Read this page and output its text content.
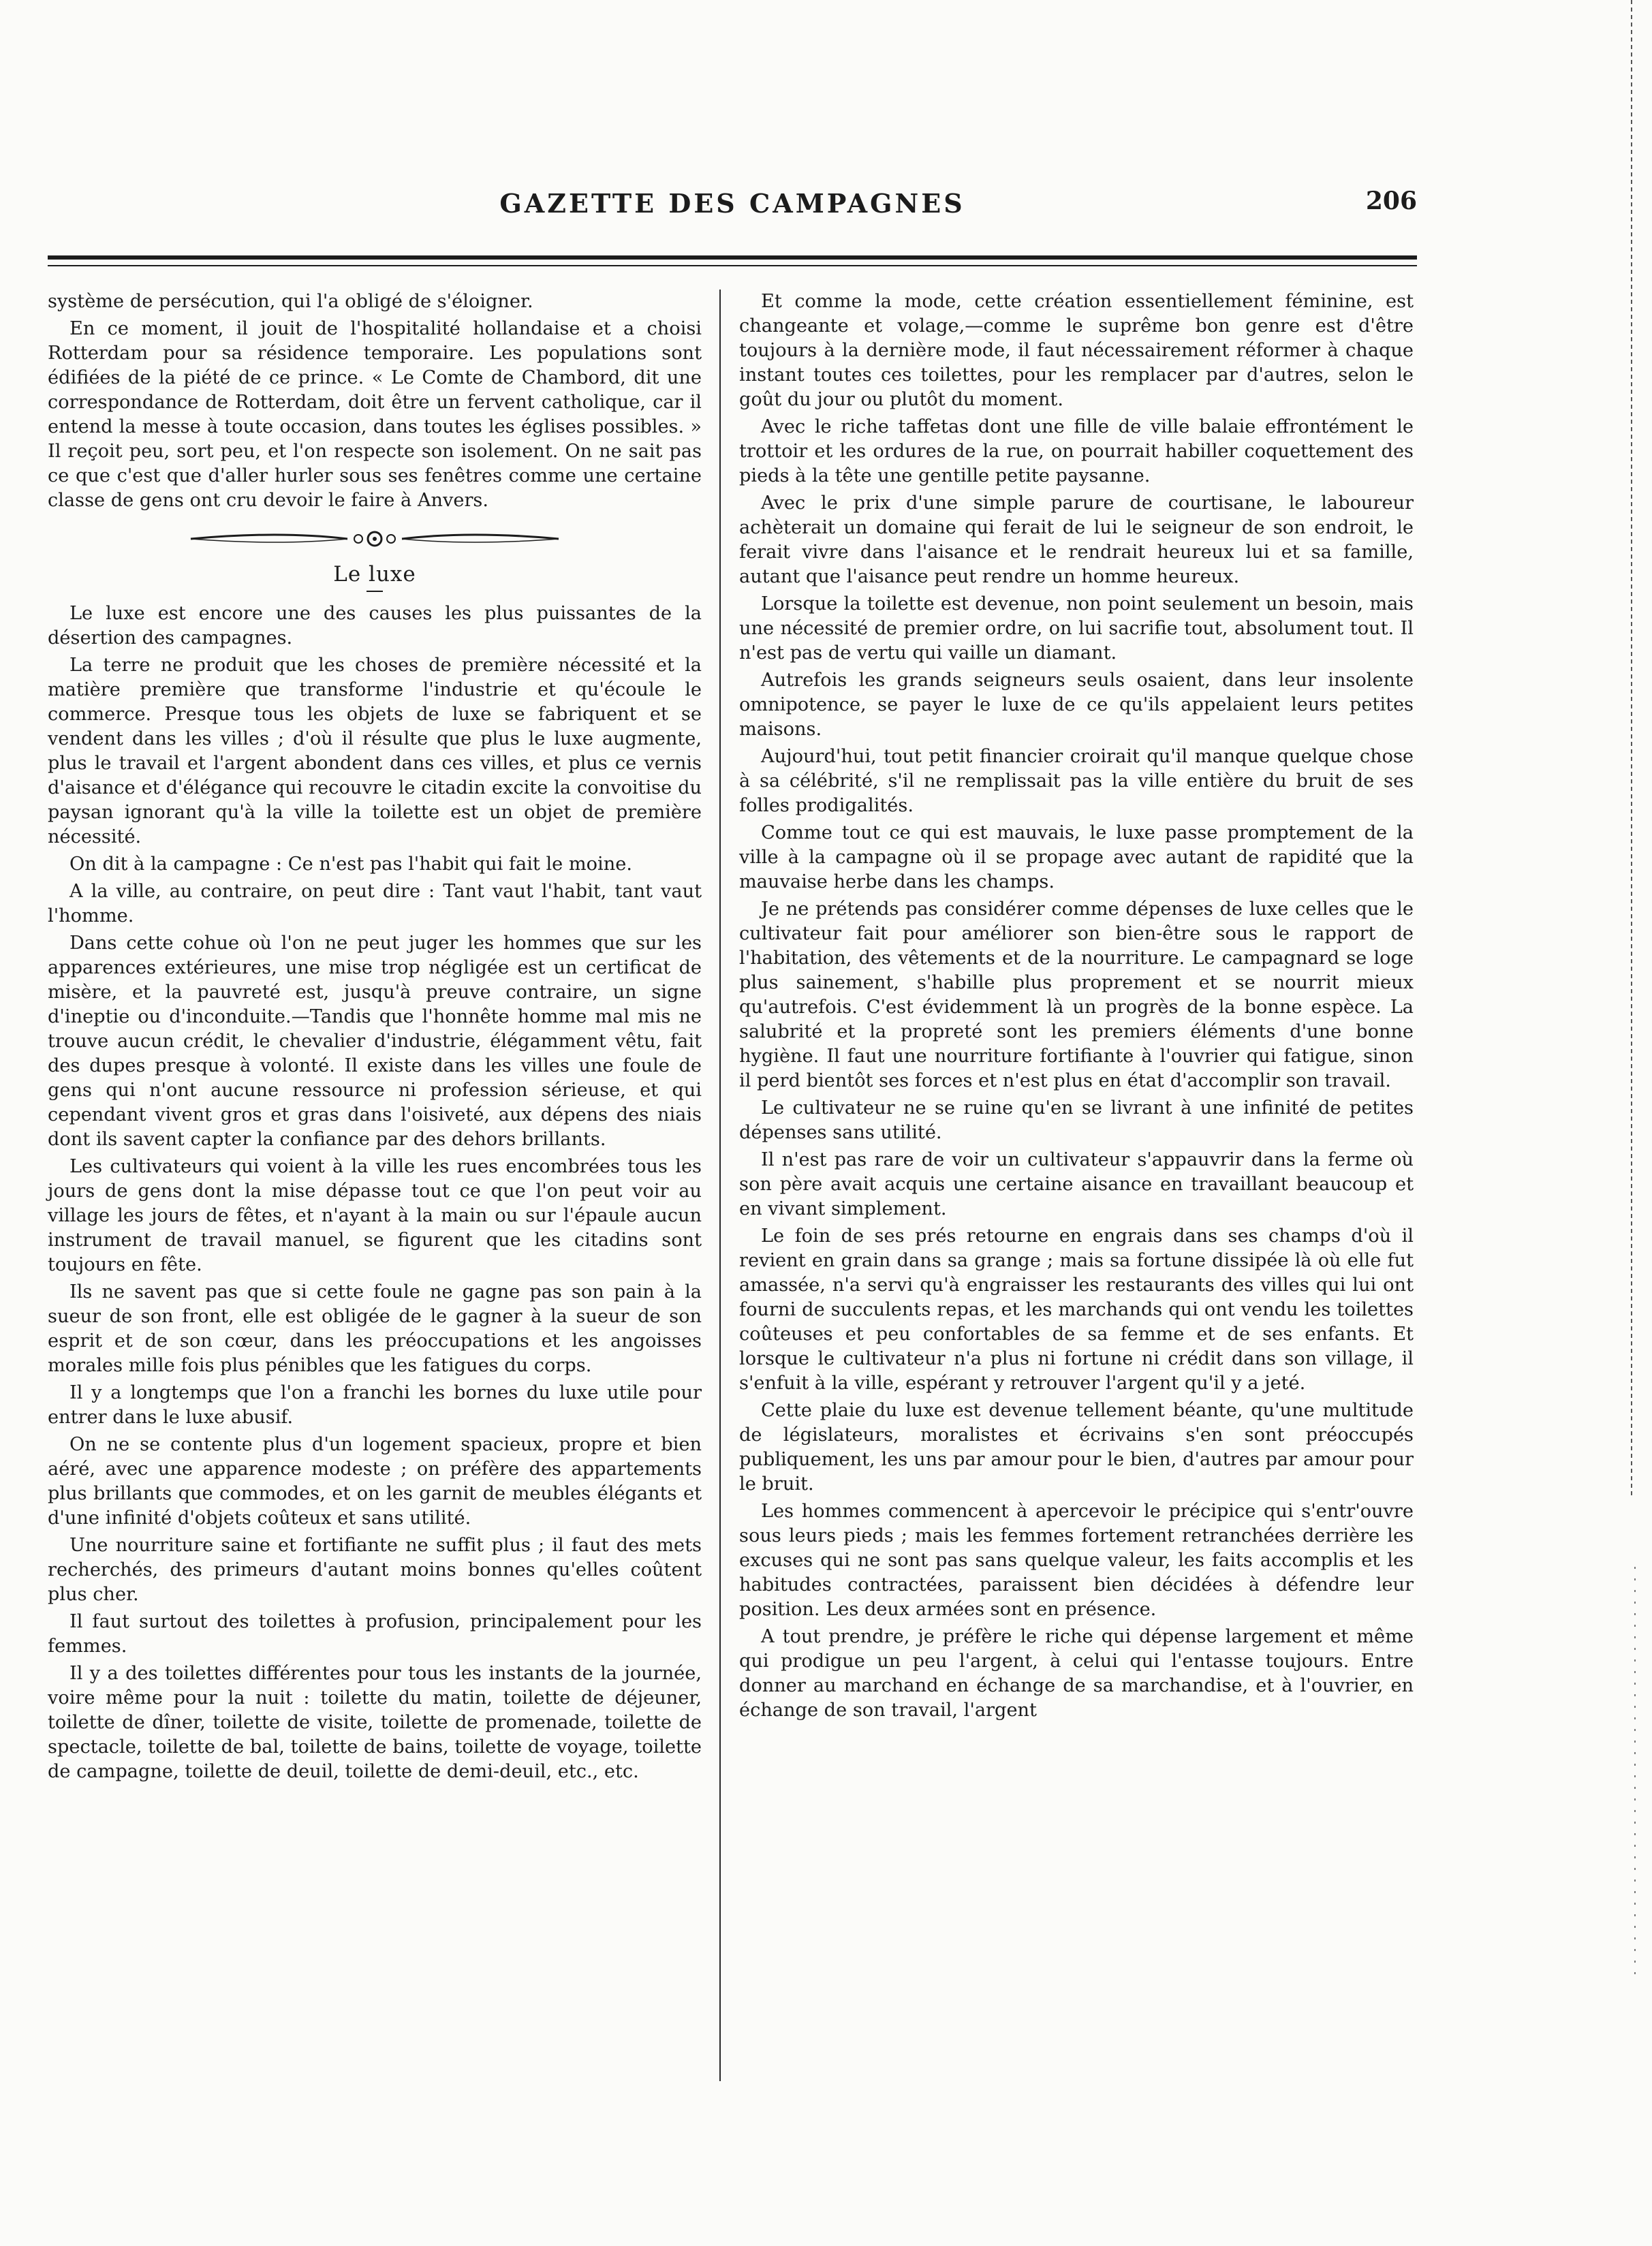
GAZETTE DES CAMPAGNES	206

système de persécution, qui l'a obligé de s'éloigner.

En ce moment, il jouit de l'hospitalité hollandaise et a choisi Rotterdam pour sa résidence temporaire. Les populations sont édifiées de la piété de ce prince. « Le Comte de Chambord, dit une correspondance de Rotterdam, doit être un fervent catholique, car il entend la messe à toute occasion, dans toutes les églises possibles. » Il reçoit peu, sort peu, et l'on respecte son isolement. On ne sait pas ce que c'est que d'aller hurler sous ses fenêtres comme une certaine classe de gens ont cru devoir le faire à Anvers.

Le luxe

Le luxe est encore une des causes les plus puissantes de la désertion des campagnes.

La terre ne produit que les choses de première nécessité et la matière première que transforme l'industrie et qu'écoule le commerce. Presque tous les objets de luxe se fabriquent et se vendent dans les villes ; d'où il résulte que plus le luxe augmente, plus le travail et l'argent abondent dans ces villes, et plus ce vernis d'aisance et d'élégance qui recouvre le citadin excite la convoitise du paysan ignorant qu'à la ville la toilette est un objet de première nécessité.

On dit à la campagne : Ce n'est pas l'habit qui fait le moine.

A la ville, au contraire, on peut dire : Tant vaut l'habit, tant vaut l'homme.

Dans cette cohue où l'on ne peut juger les hommes que sur les apparences extérieures, une mise trop négligée est un certificat de misère, et la pauvreté est, jusqu'à preuve contraire, un signe d'ineptie ou d'inconduite.—Tandis que l'honnête homme mal mis ne trouve aucun crédit, le chevalier d'industrie, élégamment vêtu, fait des dupes presque à volonté. Il existe dans les villes une foule de gens qui n'ont aucune ressource ni profession sérieuse, et qui cependant vivent gros et gras dans l'oisiveté, aux dépens des niais dont ils savent capter la confiance par des dehors brillants.

Les cultivateurs qui voient à la ville les rues encombrées tous les jours de gens dont la mise dépasse tout ce que l'on peut voir au village les jours de fêtes, et n'ayant à la main ou sur l'épaule aucun instrument de travail manuel, se figurent que les citadins sont toujours en fête.

Ils ne savent pas que si cette foule ne gagne pas son pain à la sueur de son front, elle est obligée de le gagner à la sueur de son esprit et de son cœur, dans les préoccupations et les angoisses morales mille fois plus pénibles que les fatigues du corps.

Il y a longtemps que l'on a franchi les bornes du luxe utile pour entrer dans le luxe abusif.

On ne se contente plus d'un logement spacieux, propre et bien aéré, avec une apparence modeste ; on préfère des appartements plus brillants que commodes, et on les garnit de meubles élégants et d'une infinité d'objets coûteux et sans utilité.

Une nourriture saine et fortifiante ne suffit plus ; il faut des mets recherchés, des primeurs d'autant moins bonnes qu'elles coûtent plus cher.

Il faut surtout des toilettes à profusion, principalement pour les femmes.

Il y a des toilettes différentes pour tous les instants de la journée, voire même pour la nuit : toilette du matin, toilette de déjeuner, toilette de dîner, toilette de visite, toilette de promenade, toilette de spectacle, toilette de bal, toilette de bains, toilette de voyage, toilette de campagne, toilette de deuil, toilette de demi-deuil, etc., etc.

Et comme la mode, cette création essentiellement féminine, est changeante et volage,—comme le suprême bon genre est d'être toujours à la dernière mode, il faut nécessairement réformer à chaque instant toutes ces toilettes, pour les remplacer par d'autres, selon le goût du jour ou plutôt du moment.

Avec le riche taffetas dont une fille de ville balaie effrontément le trottoir et les ordures de la rue, on pourrait habiller coquettement des pieds à la tête une gentille petite paysanne.

Avec le prix d'une simple parure de courtisane, le laboureur achèterait un domaine qui ferait de lui le seigneur de son endroit, le ferait vivre dans l'aisance et le rendrait heureux lui et sa famille, autant que l'aisance peut rendre un homme heureux.

Lorsque la toilette est devenue, non point seulement un besoin, mais une nécessité de premier ordre, on lui sacrifie tout, absolument tout. Il n'est pas de vertu qui vaille un diamant.

Autrefois les grands seigneurs seuls osaient, dans leur insolente omnipotence, se payer le luxe de ce qu'ils appelaient leurs petites maisons.

Aujourd'hui, tout petit financier croirait qu'il manque quelque chose à sa célébrité, s'il ne remplissait pas la ville entière du bruit de ses folles prodigalités.

Comme tout ce qui est mauvais, le luxe passe promptement de la ville à la campagne où il se propage avec autant de rapidité que la mauvaise herbe dans les champs.

Je ne prétends pas considérer comme dépenses de luxe celles que le cultivateur fait pour améliorer son bien-être sous le rapport de l'habitation, des vêtements et de la nourriture. Le campagnard se loge plus sainement, s'habille plus proprement et se nourrit mieux qu'autrefois. C'est évidemment là un progrès de la bonne espèce. La salubrité et la propreté sont les premiers éléments d'une bonne hygiène. Il faut une nourriture fortifiante à l'ouvrier qui fatigue, sinon il perd bientôt ses forces et n'est plus en état d'accomplir son travail.

Le cultivateur ne se ruine qu'en se livrant à une infinité de petites dépenses sans utilité.

Il n'est pas rare de voir un cultivateur s'appauvrir dans la ferme où son père avait acquis une certaine aisance en travaillant beaucoup et en vivant simplement.

Le foin de ses prés retourne en engrais dans ses champs d'où il revient en grain dans sa grange ; mais sa fortune dissipée là où elle fut amassée, n'a servi qu'à engraisser les restaurants des villes qui lui ont fourni de succulents repas, et les marchands qui ont vendu les toilettes coûteuses et peu confortables de sa femme et de ses enfants. Et lorsque le cultivateur n'a plus ni fortune ni crédit dans son village, il s'enfuit à la ville, espérant y retrouver l'argent qu'il y a jeté.

Cette plaie du luxe est devenue tellement béante, qu'une multitude de législateurs, moralistes et écrivains s'en sont préoccupés publiquement, les uns par amour pour le bien, d'autres par amour pour le bruit.

Les hommes commencent à apercevoir le précipice qui s'entr'ouvre sous leurs pieds ; mais les femmes fortement retranchées derrière les excuses qui ne sont pas sans quelque valeur, les faits accomplis et les habitudes contractées, paraissent bien décidées à défendre leur position. Les deux armées sont en présence.

A tout prendre, je préfère le riche qui dépense largement et même qui prodigue un peu l'argent, à celui qui l'entasse toujours. Entre donner au marchand en échange de sa marchandise, et à l'ouvrier, en échange de son travail, l'argent
